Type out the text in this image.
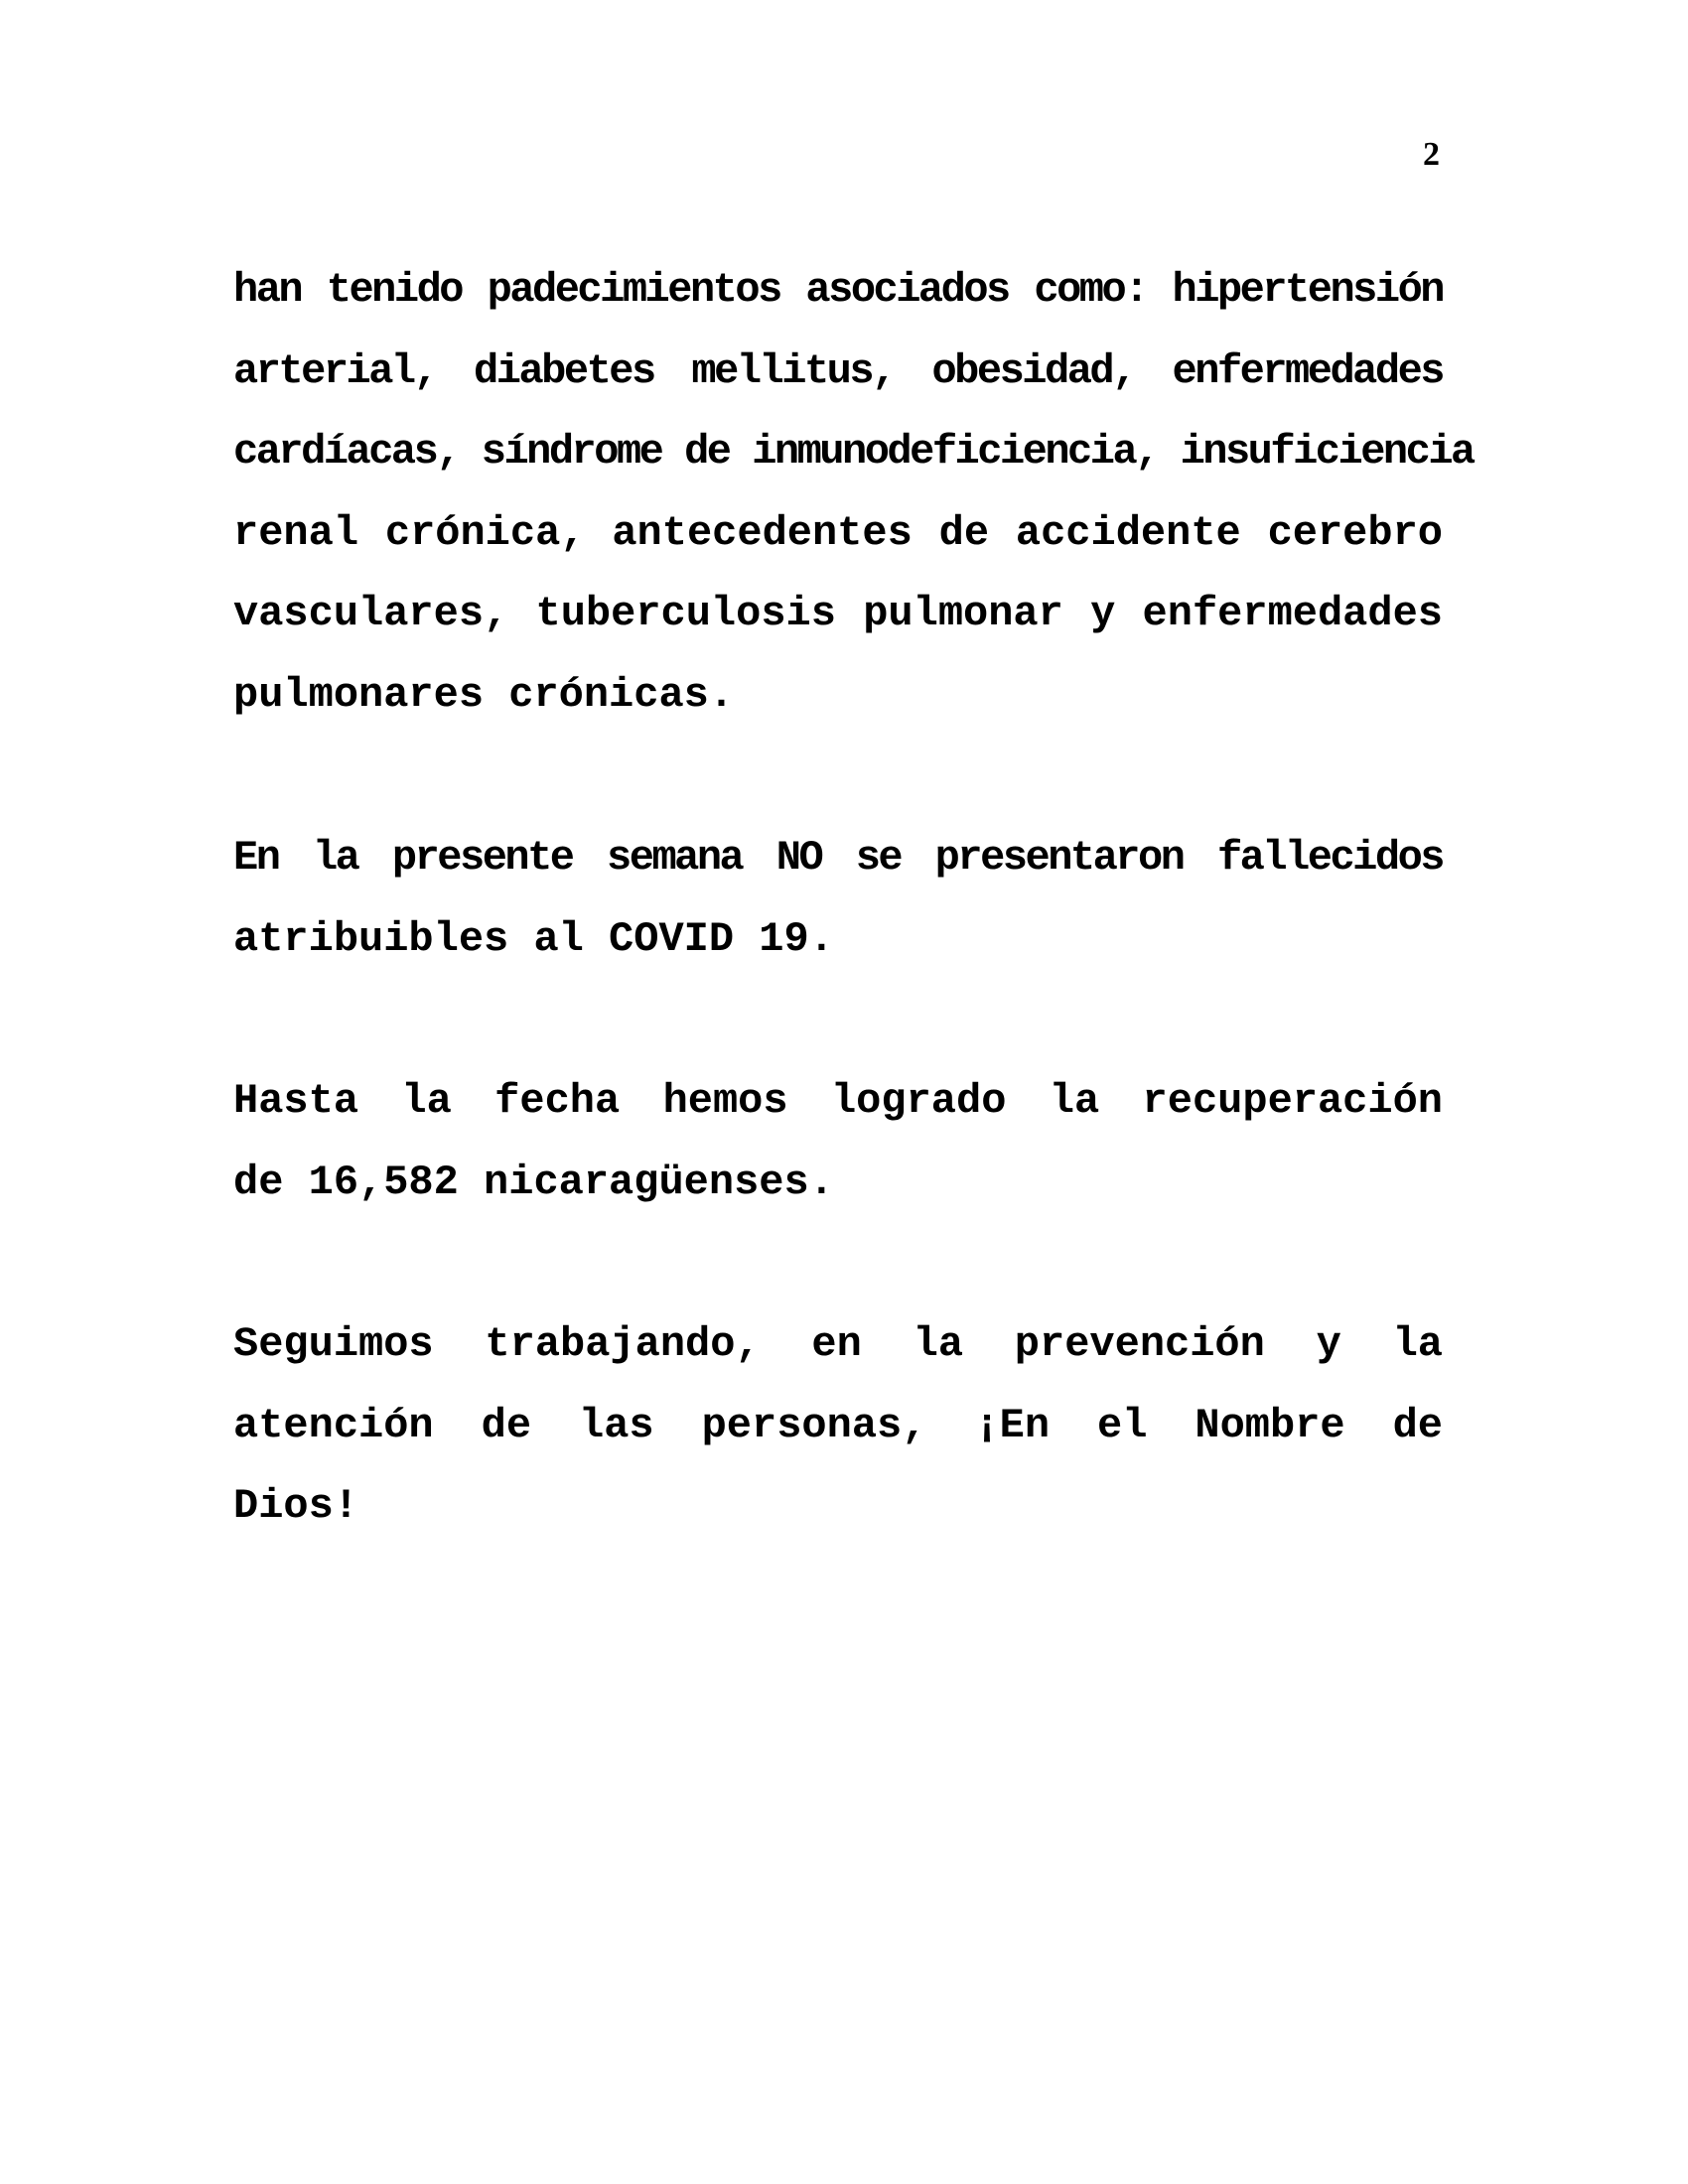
2
han tenido padecimientos asociados como: hipertensión
arterial, diabetes mellitus, obesidad, enfermedades
cardíacas, síndrome de inmunodeficiencia, insuficiencia
renal crónica, antecedentes de accidente cerebro
vasculares, tuberculosis pulmonar y enfermedades
pulmonares crónicas.
En la presente semana NO se presentaron fallecidos
atribuibles al COVID 19.
Hasta la fecha hemos logrado la recuperación
de 16,582 nicaragüenses.
Seguimos trabajando, en la prevención y la
atención de las personas, ¡En el Nombre de
Dios!
